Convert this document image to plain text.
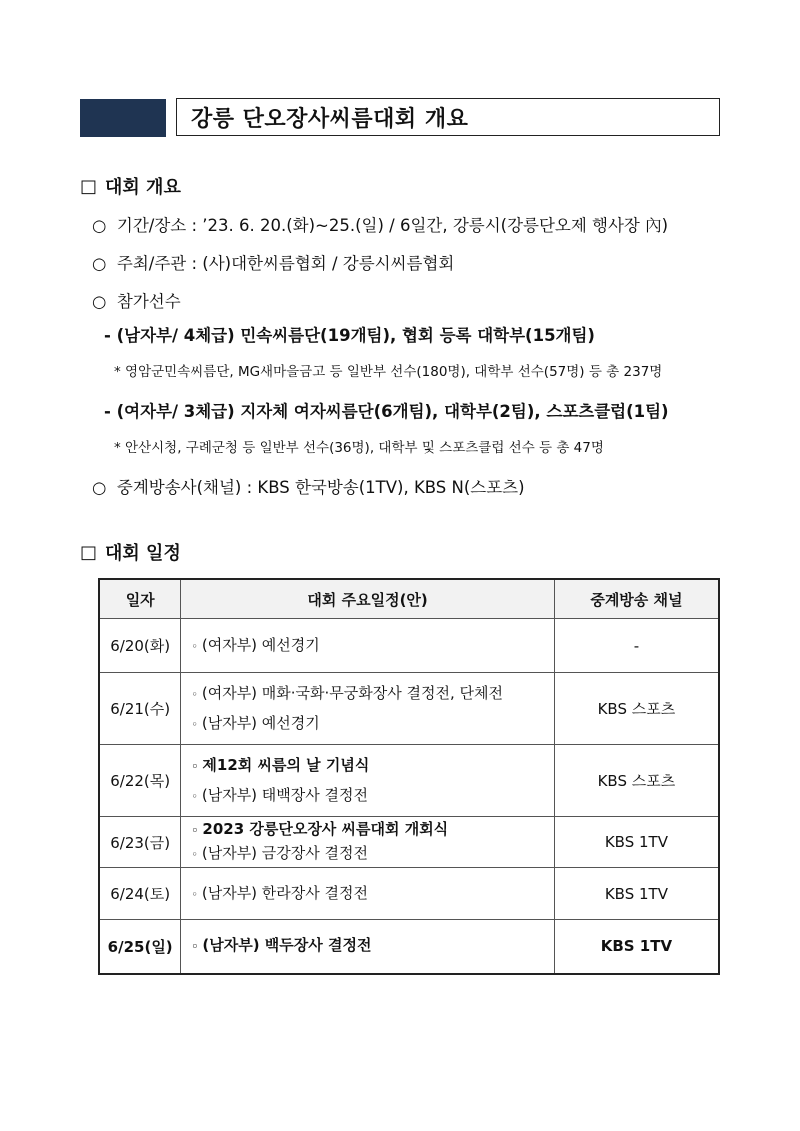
강릉 단오장사씨름대회 개요
□ 대회 개요
○ 기간/장소 : ’23. 6. 20.(화)~25.(일) / 6일간, 강릉시(강릉단오제 행사장 內)
○ 주최/주관 : (사)대한씨름협회 / 강릉시씨름협회
○ 참가선수
- (남자부/ 4체급) 민속씨름단(19개팀), 협회 등록 대학부(15개팀)
* 영암군민속씨름단, MG새마을금고 등 일반부 선수(180명), 대학부 선수(57명) 등 총 237명
- (여자부/ 3체급) 지자체 여자씨름단(6개팀), 대학부(2팀), 스포츠클럽(1팀)
* 안산시청, 구례군청 등 일반부 선수(36명), 대학부 및 스포츠클럽 선수 등 총 47명
○ 중계방송사(채널) : KBS 한국방송(1TV), KBS N(스포츠)
□ 대회 일정
일자	대회 주요일정(안)	중계방송 채널
6/20(화)	◦ (여자부) 예선경기	-
6/21(수)	◦ (여자부) 매화·국화·무궁화장사 결정전, 단체전
◦ (남자부) 예선경기	KBS 스포츠
6/22(목)	◦ 제12회 씨름의 날 기념식
◦ (남자부) 태백장사 결정전	KBS 스포츠
6/23(금)	◦ 2023 강릉단오장사 씨름대회 개회식
◦ (남자부) 금강장사 결정전	KBS 1TV
6/24(토)	◦ (남자부) 한라장사 결정전	KBS 1TV
6/25(일)	◦ (남자부) 백두장사 결정전	KBS 1TV
